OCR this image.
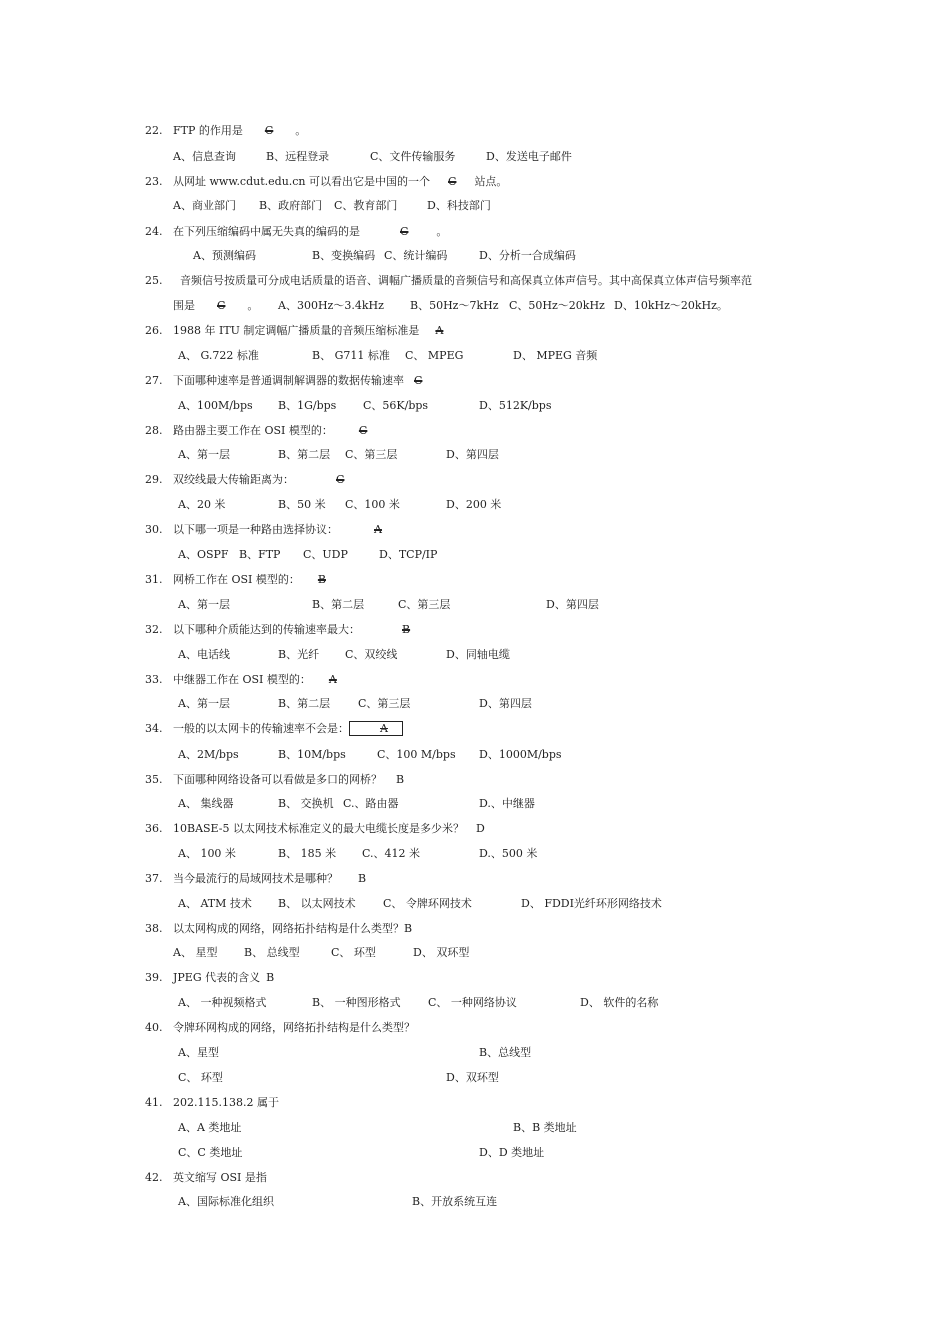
22. FTP 的作用是 C 。
A、信息查询	B、远程登录	C、文件传输服务	D、发送电子邮件
23. 从网址 www.cdut.edu.cn 可以看出它是中国的一个 C 站点。
A、商业部门 B、政府部门 C、教育部门	D、科技部门
24. 在下列压缩编码中属无失真的编码的是	C	。
A、预测编码	B、变换编码 C、统计编码	D、分析一合成编码
25. 音频信号按质量可分成电话质量的语音、调幅广播质量的音频信号和高保真立体声信号。其中高保真立体声信号频率范
围是 C 。 A、300Hz～3.4kHz B、50Hz～7kHz C、50Hz～20kHz D、10kHz～20kHz。
26. 1988 年 ITU 制定调幅广播质量的音频压缩标准是 A
A、 G.722 标准	B、 G711 标准 C、 MPEG	D、 MPEG 音频
27. 下面哪种速率是普通调制解调器的数据传输速率 C
A、100M/bps B、1G/bps C、56K/bps	D、512K/bps
28. 路由器主要工作在 OSI 模型的： C
A、第一层	B、第二层 C、第三层	D、第四层
29. 双绞线最大传输距离为：	C
A、20 米	B、50 米 C、100 米	D、200 米
30. 以下哪一项是一种路由选择协议：	A
A、OSPF B、FTP C、UDP	D、TCP/IP
31. 网桥工作在 OSI 模型的： B
A、第一层	B、第二层	C、第三层	D、第四层
32. 以下哪种介质能达到的传输速率最大：	B
A、电话线	B、光纤 C、双绞线	D、同轴电缆
33. 中继器工作在 OSI 模型的： A
A、第一层	B、第二层	C、第三层	D、第四层
34. 一般的以太网卡的传输速率不会是：	A
A、2M/bps	B、10M/bps	C、100 M/bps D、1000M/bps
35. 下面哪种网络设备可以看做是多口的网桥？ B
A、 集线器	B、 交换机 C.、路由器	D.、中继器
36. 10BASE-5 以太网技术标准定义的最大电缆长度是多少米？ D
A、 100 米	B、 185 米 C.、412 米	D.、500 米
37. 当今最流行的局域网技术是哪种？ B
A、 ATM 技术 B、 以太网技术 C、 令牌环网技术	D、 FDDI光纤环形网络技术
38. 以太网构成的网络，网络拓扑结构是什么类型？B
A、 星型 B、 总线型	C、 环型	D、 双环型
39. JPEG 代表的含义 B
A、 一种视频格式	B、 一种图形格式 C、 一种网络协议	D、 软件的名称
40. 令牌环网构成的网络，网络拓扑结构是什么类型？
A、星型	B、总线型
C、 环型	D、双环型
41. 202.115.138.2 属于
A、A 类地址	B、B 类地址
C、C 类地址	D、D 类地址
42. 英文缩写 OSI 是指
A、国际标准化组织	B、开放系统互连
